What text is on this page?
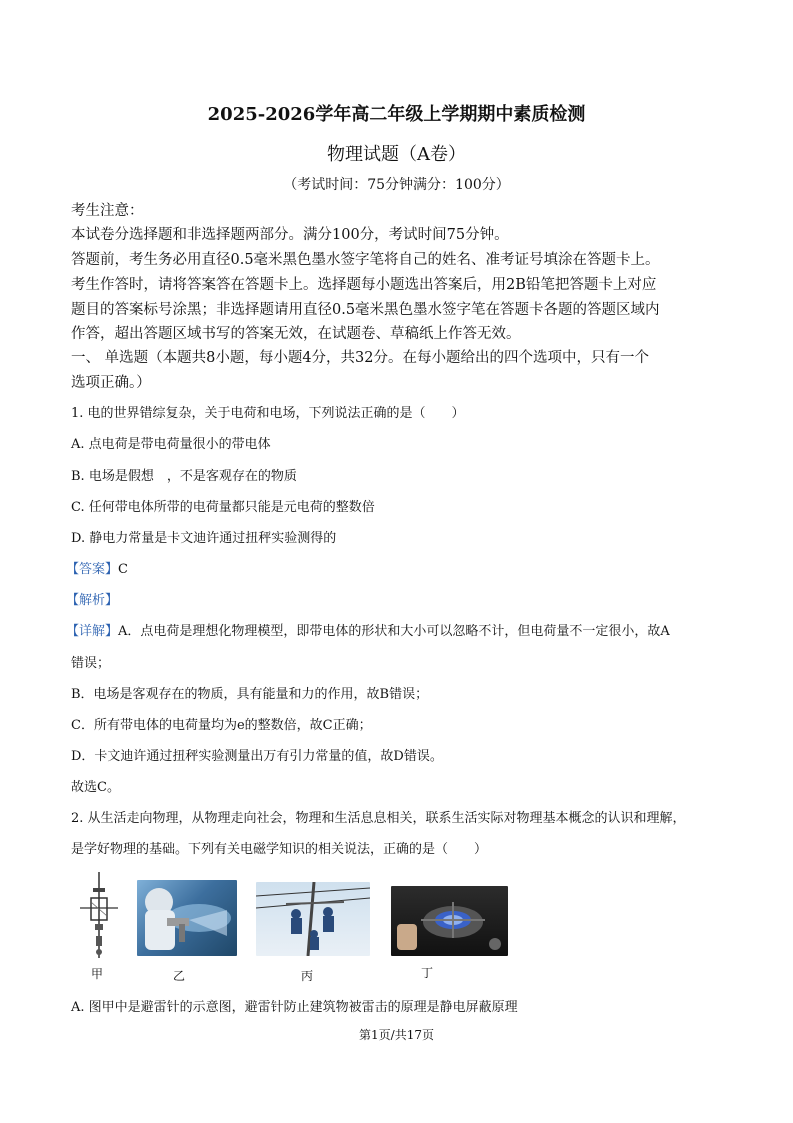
2025-2026学年高二年级上学期期中素质检测
物理试题（A卷）
（考试时间：75分钟满分：100分）
考生注意：
本试卷分选择题和非选择题两部分。满分100分，考试时间75分钟。
答题前，考生务必用直径0.5毫米黑色墨水签字笔将自己的姓名、准考证号填涂在答题卡上。
考生作答时，请将答案答在答题卡上。选择题每小题选出答案后，用2B铅笔把答题卡上对应
题目的答案标号涂黑；非选择题请用直径0.5毫米黑色墨水签字笔在答题卡各题的答题区域内
作答，超出答题区域书写的答案无效，在试题卷、草稿纸上作答无效。
一、 单选题（本题共8小题，每小题4分，共32分。在每小题给出的四个选项中，只有一个
选项正确。）
1. 电的世界错综复杂，关于电荷和电场，下列说法正确的是（　　）
A. 点电荷是带电荷量很小的带电体
B. 电场是假想　，不是客观存在的物质
C. 任何带电体所带的电荷量都只能是元电荷的整数倍
D. 静电力常量是卡文迪许通过扭秤实验测得的
【答案】C
【解析】
【详解】A．点电荷是理想化物理模型，即带电体的形状和大小可以忽略不计，但电荷量不一定很小，故A
错误；
B．电场是客观存在的物质，具有能量和力的作用，故B错误；
C．所有带电体的电荷量均为e的整数倍，故C正确；
D．卡文迪许通过扭秤实验测量出万有引力常量的值，故D错误。
故选C。
2. 从生活走向物理，从物理走向社会，物理和生活息息相关，联系生活实际对物理基本概念的认识和理解，
是学好物理的基础。下列有关电磁学知识的相关说法，正确的是（　　）
甲	乙	丙	丁
A. 图甲中是避雷针的示意图，避雷针防止建筑物被雷击的原理是静电屏蔽原理
第1页/共17页
